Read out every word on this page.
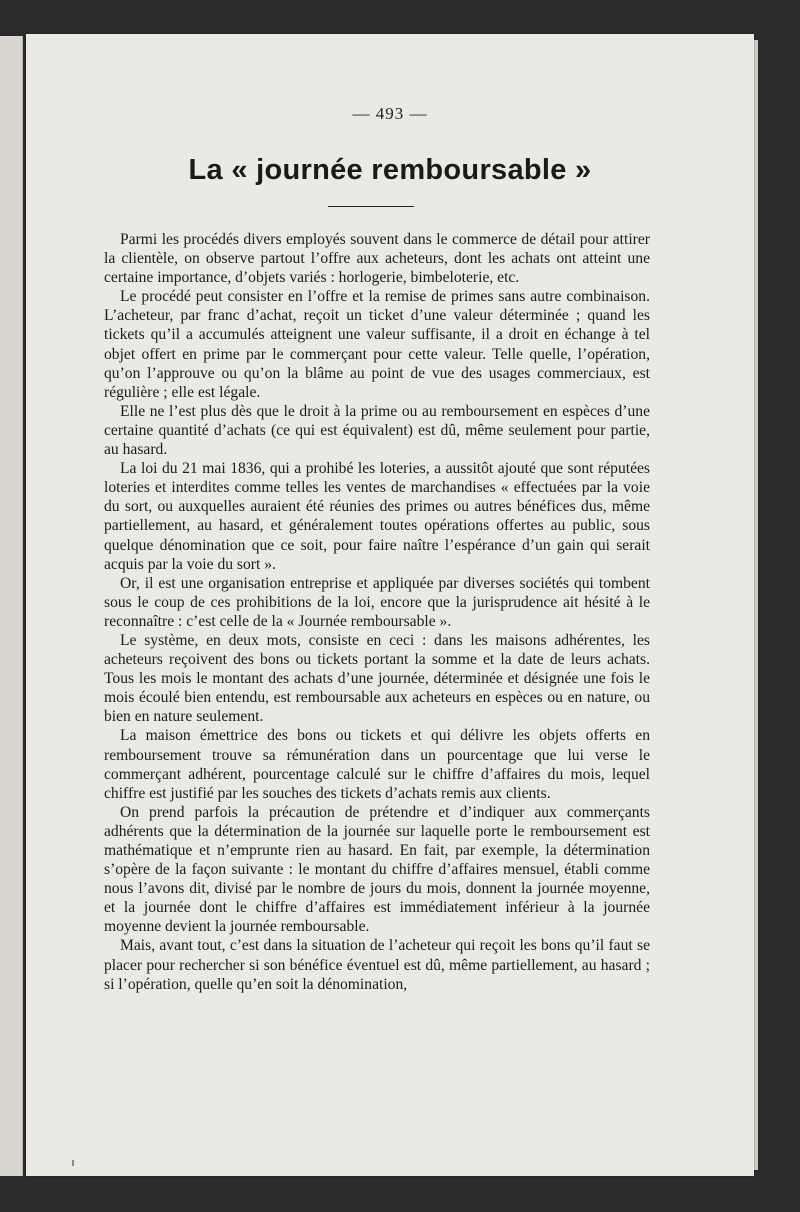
— 493 —
La « journée remboursable »

Parmi les procédés divers employés souvent dans le commerce de détail pour attirer la clientèle, on observe partout l’offre aux acheteurs, dont les achats ont atteint une certaine importance, d’objets variés : horlogerie, bimbeloterie, etc.

Le procédé peut consister en l’offre et la remise de primes sans autre combinaison. L’acheteur, par franc d’achat, reçoit un ticket d’une valeur déterminée ; quand les tickets qu’il a accumulés atteignent une valeur suffisante, il a droit en échange à tel objet offert en prime par le commerçant pour cette valeur. Telle quelle, l’opération, qu’on l’approuve ou qu’on la blâme au point de vue des usages commerciaux, est régulière ; elle est légale.

Elle ne l’est plus dès que le droit à la prime ou au remboursement en espèces d’une certaine quantité d’achats (ce qui est équivalent) est dû, même seulement pour partie, au hasard.

La loi du 21 mai 1836, qui a prohibé les loteries, a aussitôt ajouté que sont réputées loteries et interdites comme telles les ventes de marchandises « effectuées par la voie du sort, ou auxquelles auraient été réunies des primes ou autres bénéfices dus, même partiellement, au hasard, et généralement toutes opérations offertes au public, sous quelque dénomination que ce soit, pour faire naître l’espérance d’un gain qui serait acquis par la voie du sort ».

Or, il est une organisation entreprise et appliquée par diverses sociétés qui tombent sous le coup de ces prohibitions de la loi, encore que la jurisprudence ait hésité à le reconnaître : c’est celle de la « Journée remboursable ».

Le système, en deux mots, consiste en ceci : dans les maisons adhérentes, les acheteurs reçoivent des bons ou tickets portant la somme et la date de leurs achats. Tous les mois le montant des achats d’une journée, déterminée et désignée une fois le mois écoulé bien entendu, est remboursable aux acheteurs en espèces ou en nature, ou bien en nature seulement.

La maison émettrice des bons ou tickets et qui délivre les objets offerts en remboursement trouve sa rémunération dans un pourcentage que lui verse le commerçant adhérent, pourcentage calculé sur le chiffre d’affaires du mois, lequel chiffre est justifié par les souches des tickets d’achats remis aux clients.

On prend parfois la précaution de prétendre et d’indiquer aux commerçants adhérents que la détermination de la journée sur laquelle porte le remboursement est mathématique et n’emprunte rien au hasard. En fait, par exemple, la détermination s’opère de la façon suivante : le montant du chiffre d’affaires mensuel, établi comme nous l’avons dit, divisé par le nombre de jours du mois, donnent la journée moyenne, et la journée dont le chiffre d’affaires est immédiatement inférieur à la journée moyenne devient la journée remboursable.

Mais, avant tout, c’est dans la situation de l’acheteur qui reçoit les bons qu’il faut se placer pour rechercher si son bénéfice éventuel est dû, même partiellement, au hasard ; si l’opération, quelle qu’en soit la dénomination,
